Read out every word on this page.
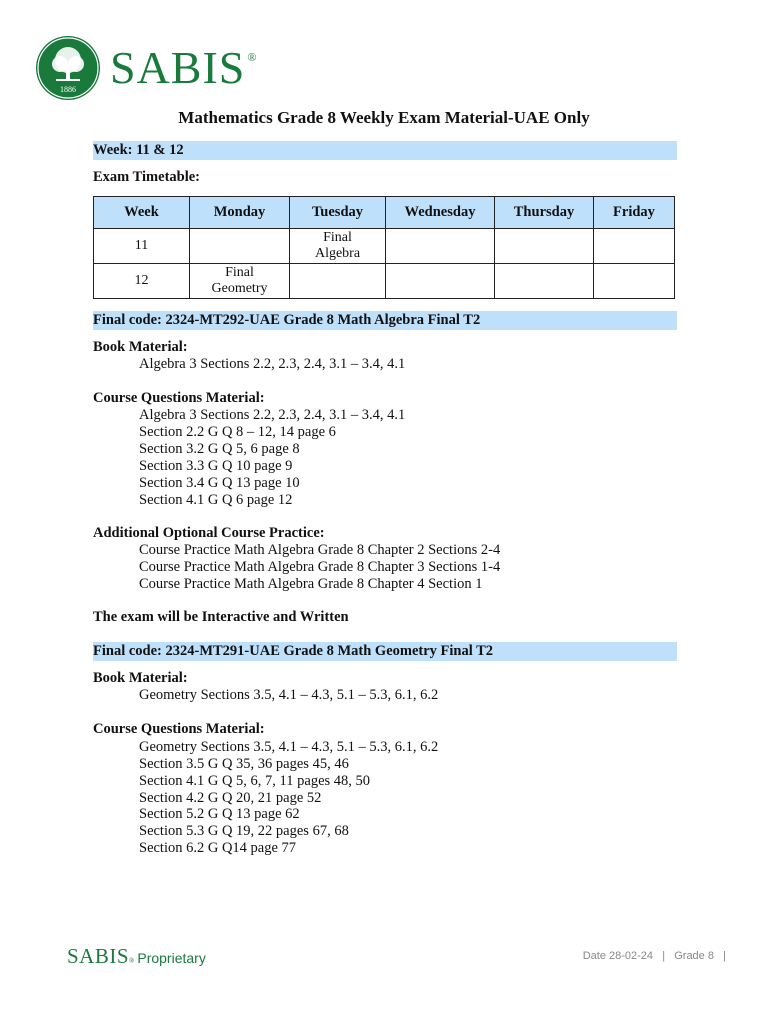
1886 SABIS ®
Mathematics Grade 8 Weekly Exam Material-UAE Only
Week: 11 & 12
Exam Timetable:
Week	Monday	Tuesday	Wednesday	Thursday	Friday
11		Final Algebra			
12	Final Geometry				
Final code: 2324-MT292-UAE Grade 8 Math Algebra Final T2
Book Material:
Algebra 3 Sections 2.2, 2.3, 2.4, 3.1 – 3.4, 4.1
Course Questions Material:
Algebra 3 Sections 2.2, 2.3, 2.4, 3.1 – 3.4, 4.1
Section 2.2 G Q 8 – 12, 14 page 6
Section 3.2 G Q 5, 6 page 8
Section 3.3 G Q 10 page 9
Section 3.4 G Q 13 page 10
Section 4.1 G Q 6 page 12
Additional Optional Course Practice:
Course Practice Math Algebra Grade 8 Chapter 2 Sections 2-4
Course Practice Math Algebra Grade 8 Chapter 3 Sections 1-4
Course Practice Math Algebra Grade 8 Chapter 4 Section 1
The exam will be Interactive and Written
Final code: 2324-MT291-UAE Grade 8 Math Geometry Final T2
Book Material:
Geometry Sections 3.5, 4.1 – 4.3, 5.1 – 5.3, 6.1, 6.2
Course Questions Material:
Geometry Sections 3.5, 4.1 – 4.3, 5.1 – 5.3, 6.1, 6.2
Section 3.5 G Q 35, 36 pages 45, 46
Section 4.1 G Q 5, 6, 7, 11 pages 48, 50
Section 4.2 G Q 20, 21 page 52
Section 5.2 G Q 13 page 62
Section 5.3 G Q 19, 22 pages 67, 68
Section 6.2 G Q14 page 77
$SABIS_®$ Proprietary	Date 28-02-24   |   Grade 8   |
